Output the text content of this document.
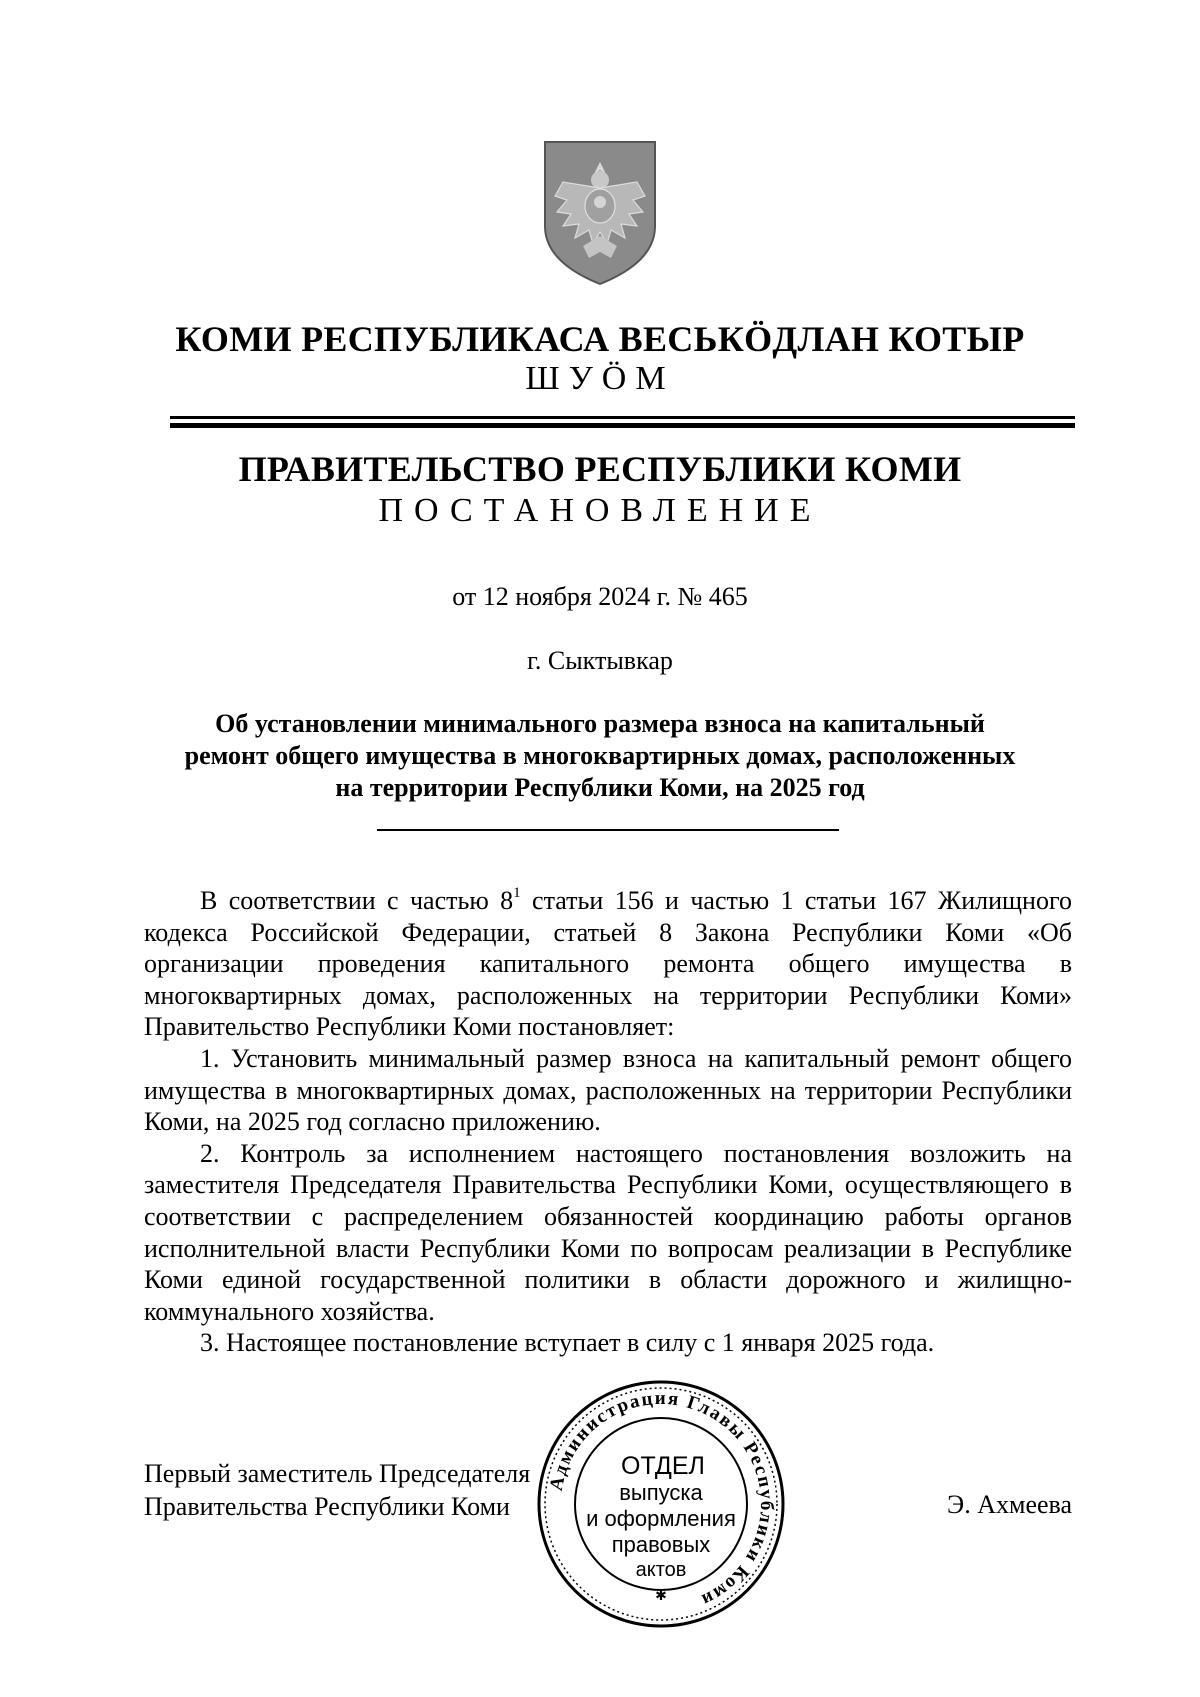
КОМИ РЕСПУБЛИКАСА ВЕСЬКӦДЛАН КОТЫР
ШУӦМ
ПРАВИТЕЛЬСТВО РЕСПУБЛИКИ КОМИ
ПОСТАНОВЛЕНИЕ
от 12 ноября 2024 г. № 465
г. Сыктывкар
Об установлении минимального размера взноса на капитальный
ремонт общего имущества в многоквартирных домах, расположенных
на территории Республики Коми, на 2025 год

В соответствии с частью $8^1$ статьи 156 и частью 1 статьи 167 Жилищного кодекса Российской Федерации, статьей 8 Закона Республики Коми «Об организации проведения капитального ремонта общего имущества в многоквартирных домах, расположенных на территории Республики Коми» Правительство Республики Коми постановляет:

1. Установить минимальный размер взноса на капитальный ремонт общего имущества в многоквартирных домах, расположенных на территории Республики Коми, на 2025 год согласно приложению.

2. Контроль за исполнением настоящего постановления возложить на заместителя Председателя Правительства Республики Коми, осуществляющего в соответствии с распределением обязанностей координацию работы органов исполнительной власти Республики Коми по вопросам реализации в Республике Коми единой государственной политики в области дорожного и жилищно-коммунального хозяйства.

3. Настоящее постановление вступает в силу с 1 января 2025 года.

Первый заместитель Председателя
Правительства Республики Коми	Э. Ахмеева
Администрация Главы Республики Коми
✱
ОТДЕЛ
выпуска
и оформления
правовых
актов
